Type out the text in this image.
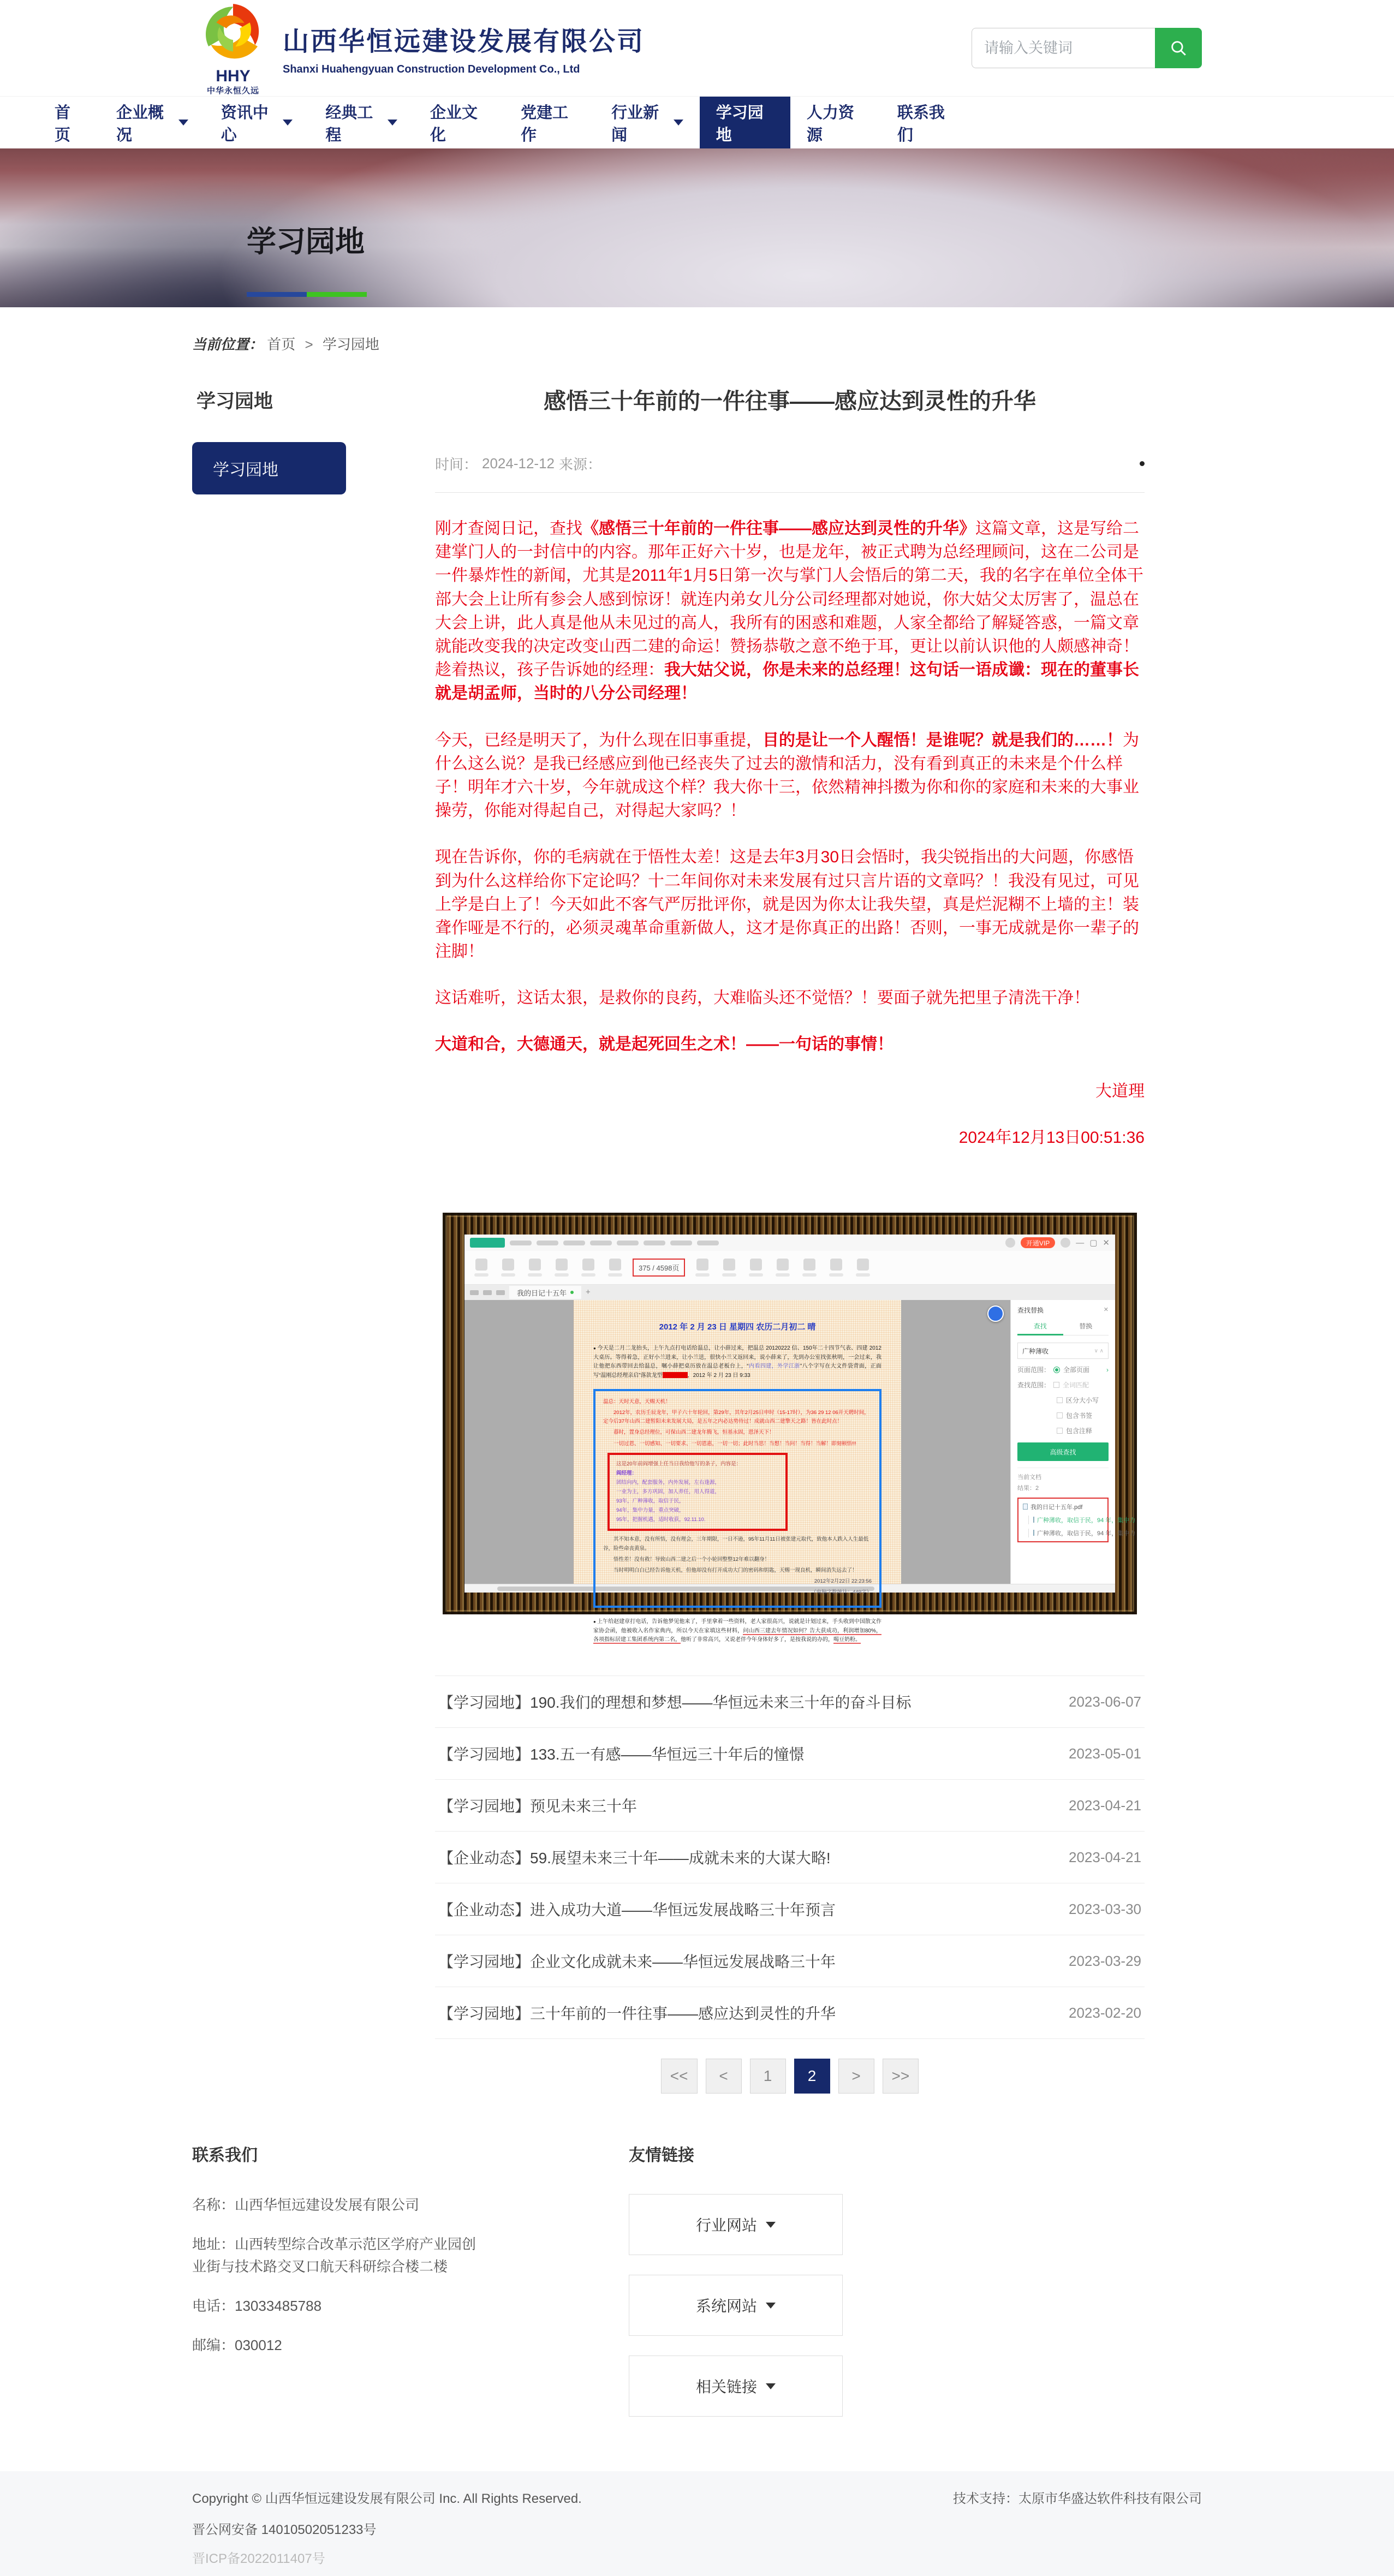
HHY
中华永恒久远
山西华恒远建设发展有限公司
Shanxi Huahengyuan Construction Development Co., Ltd
请输入关键词
首页
企业概况
资讯中心
经典工程
企业文化
党建工作
行业新闻
学习园地
人力资源
联系我们
学习园地
当前位置： 首页 > 学习园地
学习园地
学习园地
感悟三十年前的一件往事——感应达到灵性的升华
时间： 2024-12-12 来源：

刚才查阅日记，查找《感悟三十年前的一件往事——感应达到灵性的升华》这篇文章，这是写给二建掌门人的一封信中的内容。那年正好六十岁，也是龙年，被正式聘为总经理顾问，这在二公司是一件暴炸性的新闻，尤其是2011年1月5日第一次与掌门人会悟后的第二天，我的名字在单位全体干部大会上让所有参会人感到惊讶！就连内弟女儿分公司经理都对她说，你大姑父太厉害了，温总在大会上讲，此人真是他从未见过的高人，我所有的困惑和难题，人家全都给了解疑答惑，一篇文章就能改变我的决定改变山西二建的命运！赞扬恭敬之意不绝于耳，更让以前认识他的人颇感神奇！趁着热议，孩子告诉她的经理：我大姑父说，你是未来的总经理！这句话一语成谶：现在的董事长就是胡孟师，当时的八分公司经理！

今天，已经是明天了，为什么现在旧事重提，目的是让一个人醒悟！是谁呢？就是我们的……！为什么这么说？是我已经感应到他已经丧失了过去的激情和活力，没有看到真正的未来是个什么样子！明年才六十岁，今年就成这个样？我大你十三，依然精神抖擞为你和你的家庭和未来的大事业操劳，你能对得起自己，对得起大家吗？！

现在告诉你，你的毛病就在于悟性太差！这是去年3月30日会悟时，我尖锐指出的大问题，你感悟到为什么这样给你下定论吗？十二年间你对未来发展有过只言片语的文章吗？！我没有见过，可见上学是白上了！今天如此不客气严厉批评你，就是因为你太让我失望，真是烂泥糊不上墙的主！装聋作哑是不行的，必须灵魂革命重新做人，这才是你真正的出路！否则，一事无成就是你一辈子的注脚！

这话难听，这话太狠，是救你的良药，大难临头还不觉悟？！要面子就先把里子清洗干净！

大道和合，大德通天，就是起死回生之术！——一句话的事情！

大道理

2024年12月13日00:51:36

开通VIP
—
▢
✕
375 / 4598页
我的日记十五年
+
2012 年 2 月 23 日 星期四 农历二月初二 晴

● 今天是二月二龙抬头，上午九点打电话给温总，让小薛过来，把温总 20120222 信、150年二十四节气表、四建 2012 大桌历。等得着急，正好小兰进来，让小兰送，很快小兰又返回来，说小薛来了，先到办公室找张秋明，一会过来，我让他把东西带回去给温总，嘱小薛把桌历放在温总老板台上，“内看四建，外学江浙”八个字写在大文件袋背面，正面写“温刚总经理亲启”落款龙型	，2012 年 2 月 23 日 9:33

温总：天时天意，天赐天机！

2012年，农历壬辰龙年，甲子六十年轮回，第29年，其年2月25日申时（15-17时），为36 29 12 06开天聘时间，定今后37年山西二建暂阳未来发展大局，是五年之内必达势待过！成就山西二建擎天之路！皆在此时点！

暮时，置身总经理位，可保山西二建龙年腾飞，恒基永固，恩泽天下！

一切过恩、一切感知、一切要求、一切恩惠，一切一切；此时当思！当想！当问！当得！当解！即刻顿悟!!!

这是20年前阎增强上任当日我给他写的条子，内容是：

阎经理：

团结向内，配套服务，内外发展，左右逢源，

一业为主，多方巩固，加人养任，用人得道，

93年，广种薄收，取信于民，

94年，集中力量，重点突破，

95年，把握机遇，适时收获，92.11.10.

其不知本意，没有所悟，没有理会，三年期限，一日不逊，95年11月11日被张建元取代，致他本人跌入人生最低谷，险些命丧黄泉。

悟性差！没有救！导致山西二建之后一个小轮回整整12年难以翻身！

当时明明白白已经告诉他天机，但他却没有打开成功大门的密码和钥匙，天赐一现良机，瞬间消失远去了！

2012年2月22日 22:23:56

（电脑字数统计：449字）

● 上午给赵建章打电话，告诉他梦见他来了，手里拿着一些资料，老人家很高兴，说就是计划过来，手头收到中国散文作家协会函，他被收入名作家典内，所以今天在家填这些材料，问山西三建去年情况如何？告大获成功，利润增加80%，各项指标居建工集团系统内第二名，他听了非常高兴，又说老伴今年身体好多了，是按我说的办的，喝豆奶粉。

查找替换
✕
查找	替换
广种薄收
∨ ∧
页面范围： 全部页面
›
查找范围： 全词匹配
区分大小写
包含书签
包含注释
高级查找
当前文档
结果：2
我的日记十五年.pdf
广种薄收，取信于民，94 年，集中力
广种薄收，取信于民，94 年，集中力
【学习园地】190.我们的理想和梦想——华恒远未来三十年的奋斗目标	2023-06-07
【学习园地】133.五一有感——华恒远三十年后的憧憬	2023-05-01
【学习园地】预见未来三十年	2023-04-21
【企业动态】59.展望未来三十年——成就未来的大谋大略!	2023-04-21
【企业动态】进入成功大道——华恒远发展战略三十年预言	2023-03-30
【学习园地】企业文化成就未来——华恒远发展战略三十年	2023-03-29
【学习园地】三十年前的一件往事——感应达到灵性的升华	2023-02-20
<<	<	1	2	>	>>
联系我们

名称：山西华恒远建设发展有限公司

地址：山西转型综合改革示范区学府产业园创业街与技术路交叉口航天科研综合楼二楼

电话：13033485788

邮编：030012

友情链接
行业网站
系统网站
相关链接
Copyright © 山西华恒远建设发展有限公司 Inc. All Rights Reserved.	技术支持：太原市华盛达软件科技有限公司
晋公网安备 14010502051233号
晋ICP备2022011407号
